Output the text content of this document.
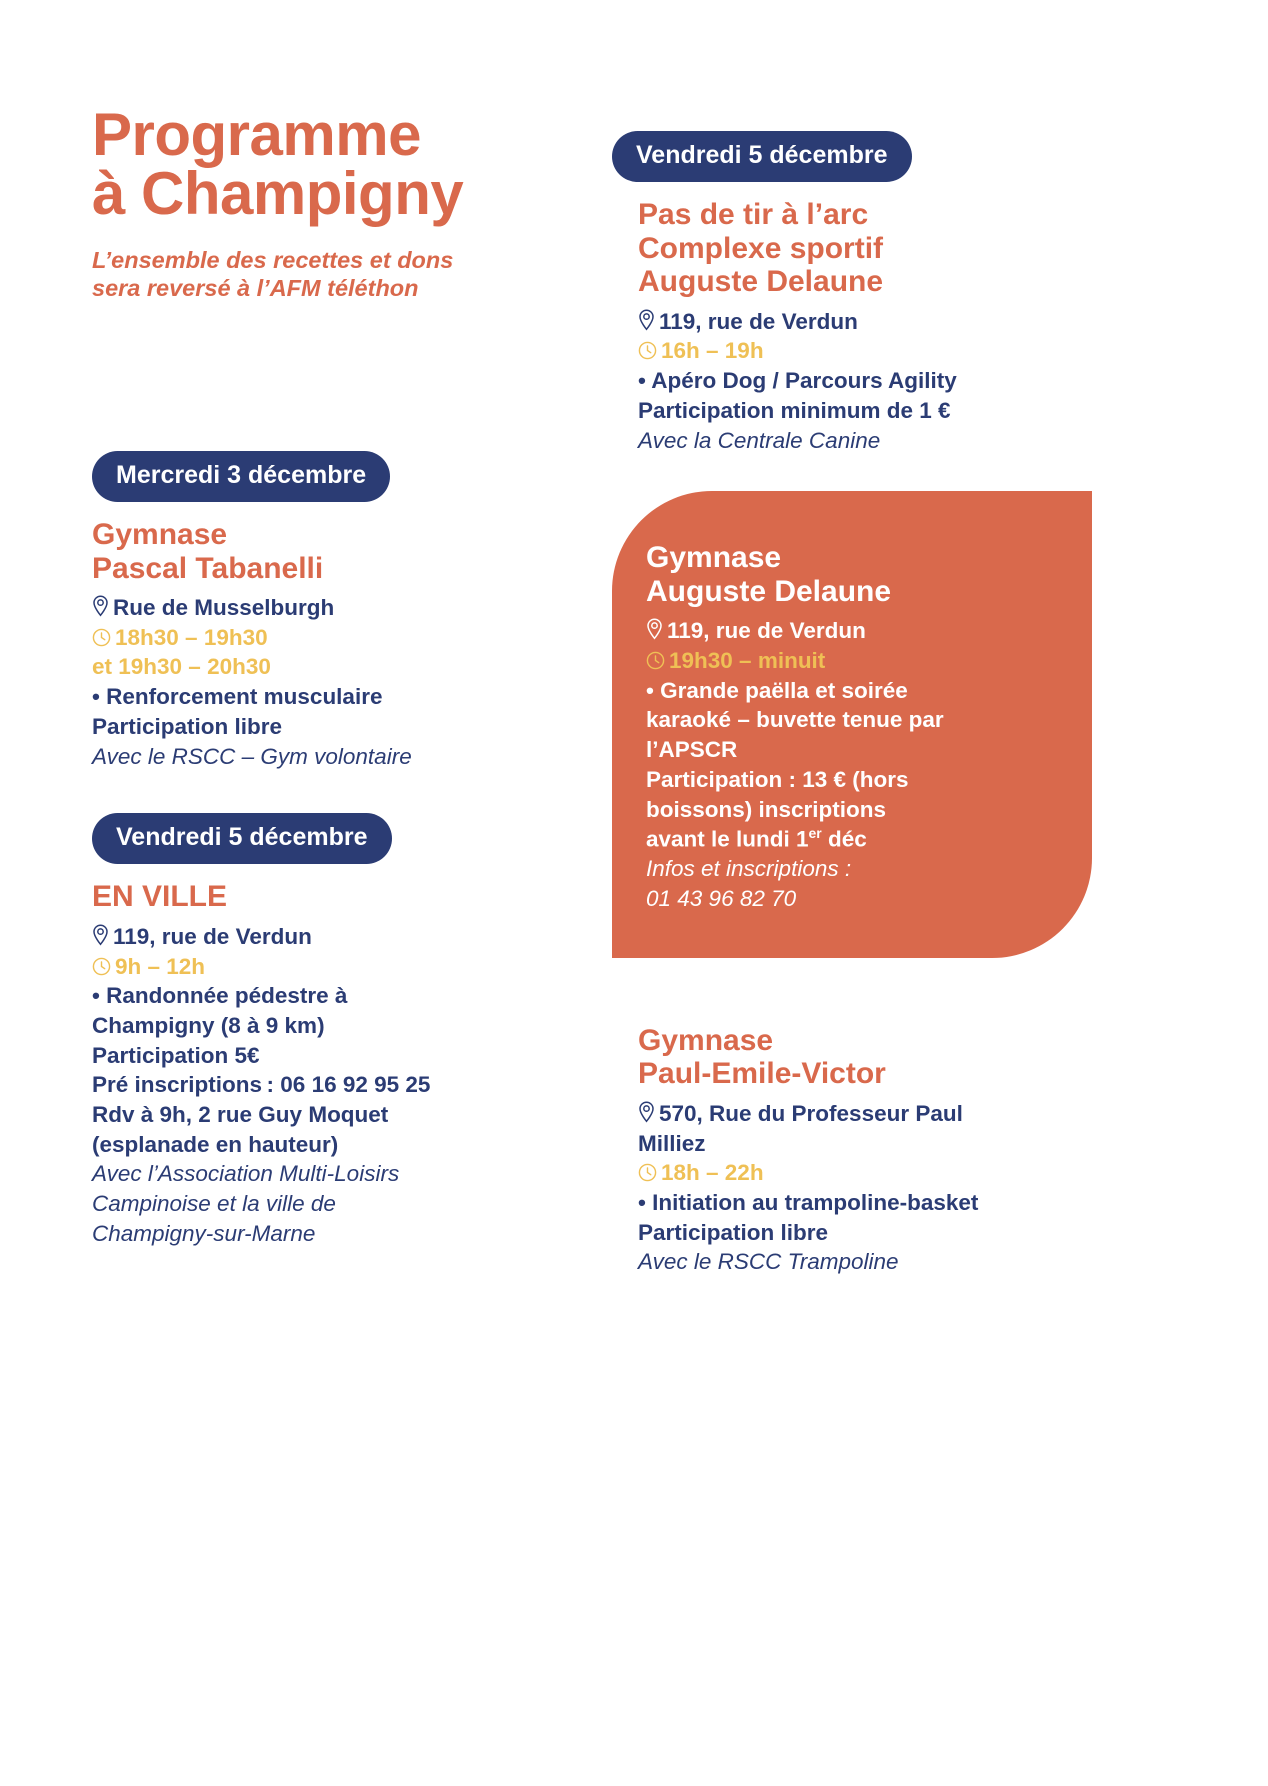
Programme
à Champigny

L’ensemble des recettes et dons
sera reversé à l’AFM téléthon

Mercredi 3 décembre
Gymnase
Pascal Tabanelli

Rue de Musselburgh
18h30 – 19h30
et 19h30 – 20h30
• Renforcement musculaire
Participation libre
Avec le RSCC – Gym volontaire

Vendredi 5 décembre
EN VILLE

119, rue de Verdun
9h – 12h
• Randonnée pédestre à
Champigny (8 à 9 km)
Participation 5€
Pré inscriptions : 06 16 92 95 25
Rdv à 9h, 2 rue Guy Moquet
(esplanade en hauteur)
Avec l’Association Multi-Loisirs
Campinoise et la ville de
Champigny-sur-Marne

Vendredi 5 décembre
Pas de tir à l’arc
Complexe sportif
Auguste Delaune

119, rue de Verdun
16h – 19h
• Apéro Dog / Parcours Agility
Participation minimum de 1 €
Avec la Centrale Canine

Gymnase
Auguste Delaune

119, rue de Verdun
19h30 – minuit
• Grande paëlla et soirée
karaoké – buvette tenue par
l’APSCR
Participation : 13 € (hors
boissons) inscriptions
avant le lundi 1er déc
Infos et inscriptions :
01 43 96 82 70

Gymnase
Paul-Emile-Victor

570, Rue du Professeur Paul
Milliez
18h – 22h
• Initiation au trampoline-basket
Participation libre
Avec le RSCC Trampoline
